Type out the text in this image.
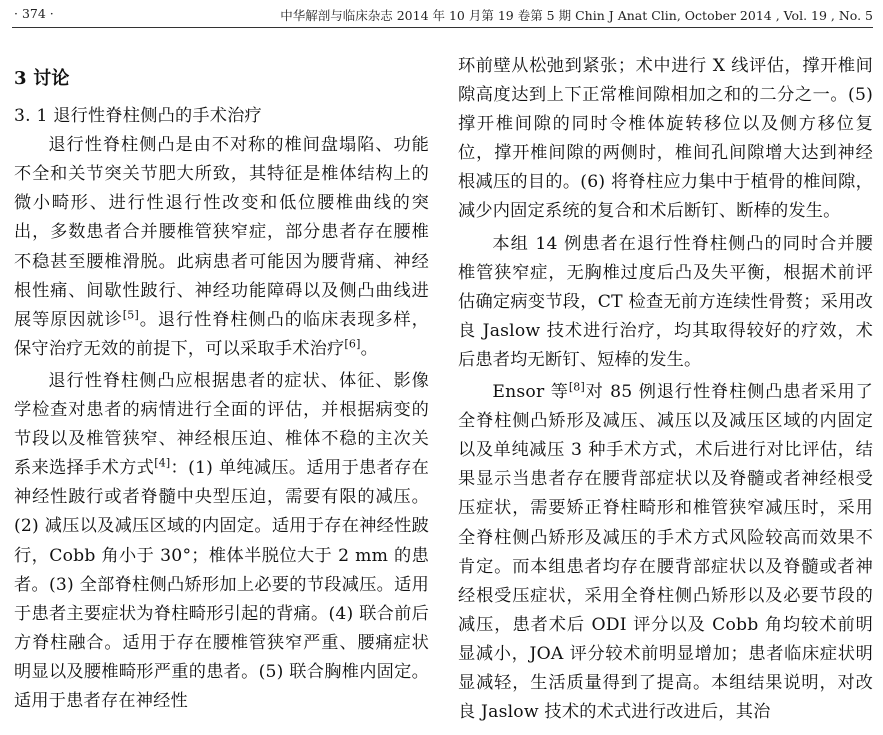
· 374 ·	中华解剖与临床杂志 2014 年 10 月第 19 卷第 5 期 Chin J Anat Clin, October 2014 , Vol. 19 , No. 5

3 讨论

3. 1 退行性脊柱侧凸的手术治疗

退行性脊柱侧凸是由不对称的椎间盘塌陷、功能不全和关节突关节肥大所致，其特征是椎体结构上的微小畸形、进行性退行性改变和低位腰椎曲线的突出，多数患者合并腰椎管狭窄症，部分患者存在腰椎不稳甚至腰椎滑脱。此病患者可能因为腰背痛、神经根性痛、间歇性跛行、神经功能障碍以及侧凸曲线进展等原因就诊[5]。退行性脊柱侧凸的临床表现多样，保守治疗无效的前提下，可以采取手术治疗[6]。

退行性脊柱侧凸应根据患者的症状、体征、影像学检查对患者的病情进行全面的评估，并根据病变的节段以及椎管狭窄、神经根压迫、椎体不稳的主次关系来选择手术方式[4]：(1) 单纯减压。适用于患者存在神经性跛行或者脊髓中央型压迫，需要有限的减压。(2) 减压以及减压区域的内固定。适用于存在神经性跛行，Cobb 角小于 30°；椎体半脱位大于 2 mm 的患者。(3) 全部脊柱侧凸矫形加上必要的节段减压。适用于患者主要症状为脊柱畸形引起的背痛。(4) 联合前后方脊柱融合。适用于存在腰椎管狭窄严重、腰痛症状明显以及腰椎畸形严重的患者。(5) 联合胸椎内固定。适用于患者存在神经性

环前壁从松弛到紧张；术中进行 X 线评估，撑开椎间隙高度达到上下正常椎间隙相加之和的二分之一。(5) 撑开椎间隙的同时令椎体旋转移位以及侧方移位复位，撑开椎间隙的两侧时，椎间孔间隙增大达到神经根减压的目的。(6) 将脊柱应力集中于植骨的椎间隙，减少内固定系统的复合和术后断钉、断棒的发生。

本组 14 例患者在退行性脊柱侧凸的同时合并腰椎管狭窄症，无胸椎过度后凸及失平衡，根据术前评估确定病变节段，CT 检查无前方连续性骨赘；采用改良 Jaslow 技术进行治疗，均其取得较好的疗效，术后患者均无断钉、短棒的发生。

Ensor 等[8]对 85 例退行性脊柱侧凸患者采用了全脊柱侧凸矫形及减压、减压以及减压区域的内固定以及单纯减压 3 种手术方式，术后进行对比评估，结果显示当患者存在腰背部症状以及脊髓或者神经根受压症状，需要矫正脊柱畸形和椎管狭窄减压时，采用全脊柱侧凸矫形及减压的手术方式风险较高而效果不肯定。而本组患者均存在腰背部症状以及脊髓或者神经根受压症状，采用全脊柱侧凸矫形以及必要节段的减压，患者术后 ODI 评分以及 Cobb 角均较术前明显减小，JOA 评分较术前明显增加；患者临床症状明显减轻，生活质量得到了提高。本组结果说明，对改良 Jaslow 技术的术式进行改进后，其治
